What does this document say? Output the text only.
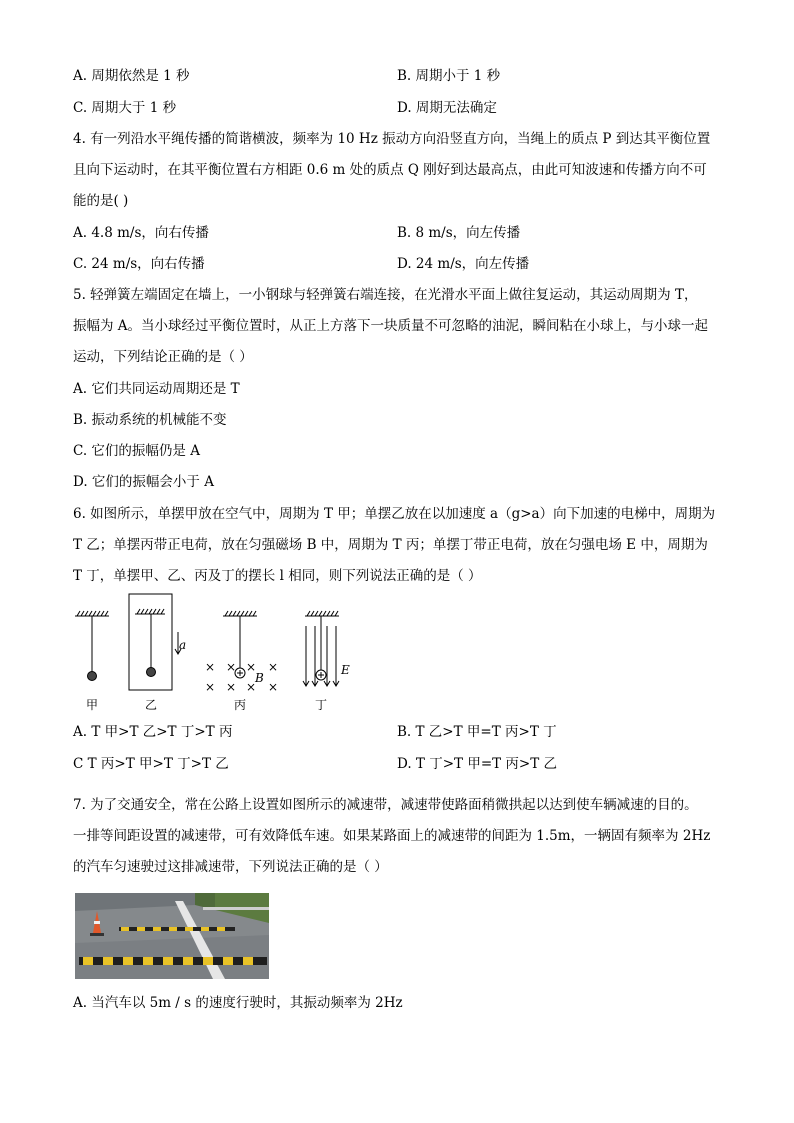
A. 周期依然是 1 秒	B. 周期小于 1 秒
C. 周期大于 1 秒	D. 周期无法确定
4. 有一列沿水平绳传播的简谐横波，频率为 10 Hz 振动方向沿竖直方向，当绳上的质点 P 到达其平衡位置
且向下运动时，在其平衡位置右方相距 0.6 m 处的质点 Q 刚好到达最高点，由此可知波速和传播方向不可
能的是( )
A. 4.8 m/s，向右传播	B. 8 m/s，向左传播
C. 24 m/s，向右传播	D. 24 m/s，向左传播
5. 轻弹簧左端固定在墙上，一小钢球与轻弹簧右端连接，在光滑水平面上做往复运动，其运动周期为 T，
振幅为 A。当小球经过平衡位置时，从正上方落下一块质量不可忽略的油泥，瞬间粘在小球上，与小球一起
运动，下列结论正确的是（ ）
A. 它们共同运动周期还是 T
B. 振动系统的机械能不变
C. 它们的振幅仍是 A
D. 它们的振幅会小于 A
6. 如图所示，单摆甲放在空气中，周期为 T 甲；单摆乙放在以加速度 a（g>a）向下加速的电梯中，周期为
T 乙；单摆丙带正电荷，放在匀强磁场 B 中，周期为 T 丙；单摆丁带正电荷，放在匀强电场 E 中，周期为
T 丁，单摆甲、乙、丙及丁的摆长 l 相同，则下列说法正确的是（ ）
× × × ×
× × × ×
a
B
E
甲	乙	丙	丁
A. T 甲>T 乙>T 丁>T 丙	B. T 乙>T 甲=T 丙>T 丁
C T 丙>T 甲>T 丁>T 乙	D. T 丁>T 甲=T 丙>T 乙
7. 为了交通安全，常在公路上设置如图所示的减速带，减速带使路面稍微拱起以达到使车辆减速的目的。
一排等间距设置的减速带，可有效降低车速。如果某路面上的减速带的间距为 1.5m，一辆固有频率为 2Hz
的汽车匀速驶过这排减速带，下列说法正确的是（ ）
A. 当汽车以 5m / s 的速度行驶时，其振动频率为 2Hz
